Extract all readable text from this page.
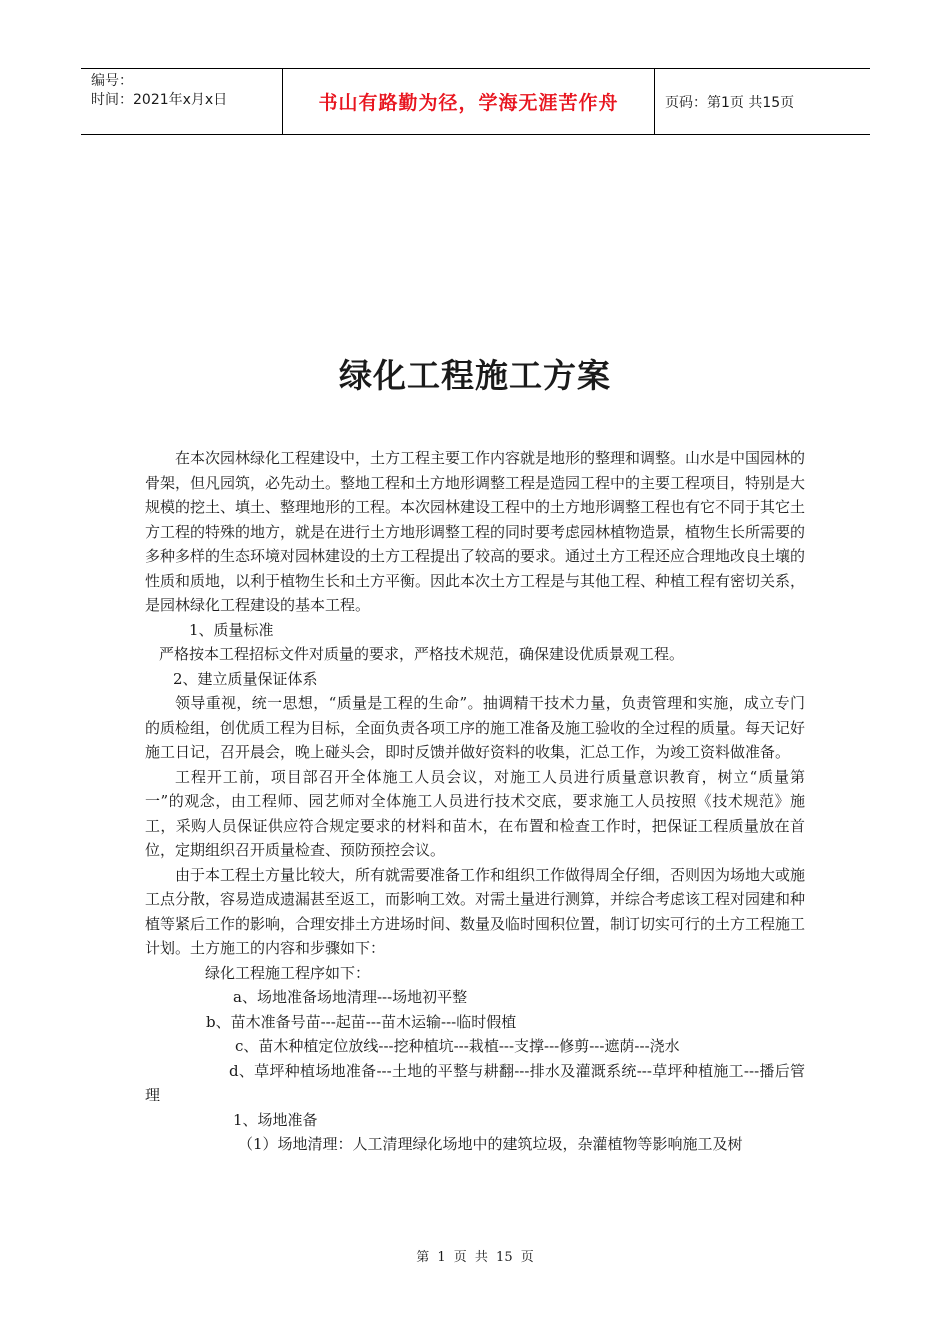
编号：
时间：2021年x月x日	书山有路勤为径，学海无涯苦作舟	页码：第1页 共15页
绿化工程施工方案

在本次园林绿化工程建设中，土方工程主要工作内容就是地形的整理和调整。山水是中国园林的骨架，但凡园筑，必先动土。整地工程和土方地形调整工程是造园工程中的主要工程项目，特别是大规模的挖土、填土、整理地形的工程。本次园林建设工程中的土方地形调整工程也有它不同于其它土方工程的特殊的地方，就是在进行土方地形调整工程的同时要考虑园林植物造景，植物生长所需要的多种多样的生态环境对园林建设的土方工程提出了较高的要求。通过土方工程还应合理地改良土壤的性质和质地，以利于植物生长和土方平衡。因此本次土方工程是与其他工程、种植工程有密切关系，是园林绿化工程建设的基本工程。

1、质量标准

严格按本工程招标文件对质量的要求，严格技术规范，确保建设优质景观工程。

2、建立质量保证体系

领导重视，统一思想，“质量是工程的生命”。抽调精干技术力量，负责管理和实施，成立专门的质检组，创优质工程为目标，全面负责各项工序的施工准备及施工验收的全过程的质量。每天记好施工日记，召开晨会，晚上碰头会，即时反馈并做好资料的收集，汇总工作，为竣工资料做准备。

工程开工前，项目部召开全体施工人员会议，对施工人员进行质量意识教育，树立“质量第一”的观念，由工程师、园艺师对全体施工人员进行技术交底，要求施工人员按照《技术规范》施工，采购人员保证供应符合规定要求的材料和苗木，在布置和检查工作时，把保证工程质量放在首位，定期组织召开质量检查、预防预控会议。

由于本工程土方量比较大，所有就需要准备工作和组织工作做得周全仔细，否则因为场地大或施工点分散，容易造成遗漏甚至返工，而影响工效。对需土量进行测算，并综合考虑该工程对园建和种植等紧后工作的影响，合理安排土方进场时间、数量及临时囤积位置，制订切实可行的土方工程施工计划。土方施工的内容和步骤如下：

绿化工程施工程序如下：

a、场地准备场地清理---场地初平整

b、苗木准备号苗---起苗---苗木运输---临时假植

c、苗木种植定位放线---挖种植坑---栽植---支撑---修剪---遮荫---浇水

d、草坪种植场地准备---土地的平整与耕翻---排水及灌溉系统---草坪种植施工---播后管理

1、场地准备

（1）场地清理：人工清理绿化场地中的建筑垃圾，杂灌植物等影响施工及树

第 1 页 共 15 页
